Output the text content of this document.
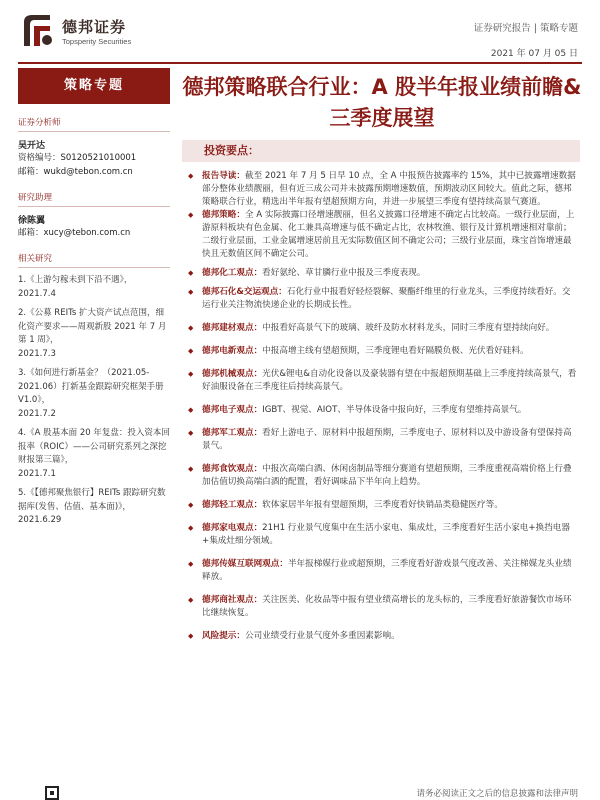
德邦证券
Topsperity Securities
证券研究报告 | 策略专题
2021 年 07 月 05 日
策略专题
证券分析师
吴开达
资格编号：S0120521010001
邮箱：wukd@tebon.com.cn
研究助理
徐陈翼
邮箱：xucy@tebon.com.cn
相关研究
1.《上游匀稼未到下沿不遇》，
2021.7.4
2.《公募 REITs 扩大资产试点范围，细化资产要求——周观新股 2021 年 7 月第 1 周》，
2021.7.3
3.《如何进行新基金？（2021.05-2021.06）打新基金跟踪研究框架手册 V1.0》，
2021.7.2
4.《A 股基本面 20 年复盘：投入资本回报率（ROIC）——公司研究系列之深挖财报第三篇》，
2021.7.1
5.《【德邦聚焦银行】REITs 跟踪研究数据库(发售、估值、基本面)》，
2021.6.29
德邦策略联合行业：A 股半年报业绩前瞻&三季度展望
投资要点：
◆ 报告导读：截至 2021 年 7 月 5 日早 10 点，全 A 中报预告披露率约 15%，其中已披露增速数据部分整体业绩靓丽，但有近三成公司并未披露预期增速数值，预期波动区间较大。值此之际，德邦策略联合行业，精选出半年报有望超预期方向，并进一步展望三季度有望持续高景气赛道。
◆ 德邦策略：全 A 实际披露口径增速靓丽，但名义披露口径增速不确定占比较高。一级行业层面，上游原料板块有色金属、化工兼具高增速与低不确定占比，农林牧渔、银行及计算机增速相对靠前；二级行业层面，工业金属增速居前且无实际数值区间不确定公司；三级行业层面，珠宝首饰增速最快且无数值区间不确定公司。
◆ 德邦化工观点：看好氨纶、草甘膦行业中报及三季度表现。
◆ 德邦石化&交运观点：石化行业中报看好轻烃裂解、聚酯纤维里的行业龙头，三季度持续看好。交运行业关注物流快递企业的长期成长性。
◆ 德邦建材观点：中报看好高景气下的玻璃、玻纤及防水材料龙头，同时三季度有望持续向好。
◆ 德邦电新观点：中报高增主线有望超预期，三季度锂电看好隔膜负极、光伏看好硅料。
◆ 德邦机械观点：光伏&锂电&自动化设备以及豪装器有望在中报超预期基础上三季度持续高景气，看好油服设备在三季度往后持续高景气。
◆ 德邦电子观点：IGBT、视觉、AIOT、半导体设备中报向好，三季度有望维持高景气。
◆ 德邦军工观点：看好上游电子、原材料中报超预期，三季度电子、原材料以及中游设备有望保持高景气。
◆ 德邦食饮观点：中报次高端白酒、休闲卤制品等细分赛道有望超预期，三季度重视高端价格上行叠加估值切换高端白酒的配置，看好调味品下半年向上趋势。
◆ 德邦轻工观点：软体家居半年报有望超预期，三季度看好快销品类稳健医疗等。
◆ 德邦家电观点：21H1 行业景气度集中在生活小家电、集成灶，三季度看好生活小家电+换挡电器+集成灶细分领域。
◆ 德邦传媒互联网观点：半年报梯媒行业或超预期，三季度看好游戏景气度改善、关注梯媒龙头业绩释放。
◆ 德邦商社观点：关注医美、化妆品等中报有望业绩高增长的龙头标的，三季度看好旅游餐饮市场环比继续恢复。
◆ 风险提示：公司业绩受行业景气度外多重因素影响。
请务必阅读正文之后的信息披露和法律声明
